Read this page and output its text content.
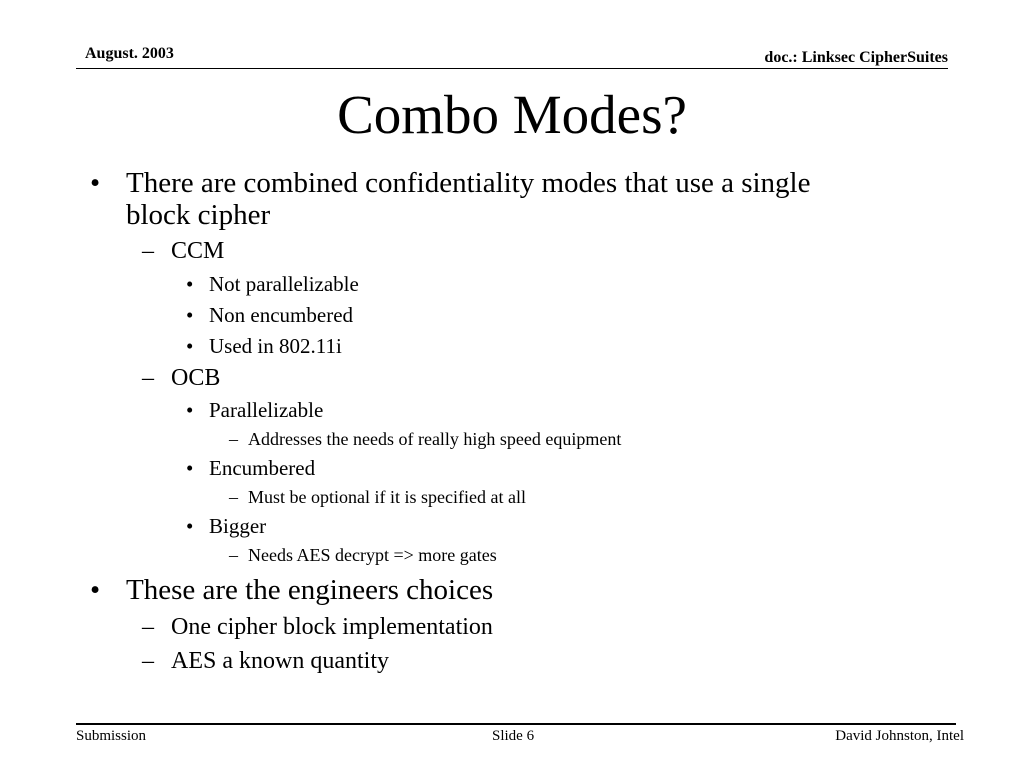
August. 2003	doc.: Linksec CipherSuites
Combo Modes?
• There are combined confidentiality modes that use a single
block cipher
– CCM
• Not parallelizable
• Non encumbered
• Used in 802.11i
– OCB
• Parallelizable
– Addresses the needs of really high speed equipment
• Encumbered
– Must be optional if it is specified at all
• Bigger
– Needs AES decrypt => more gates
• These are the engineers choices
– One cipher block implementation
– AES a known quantity
Submission	Slide 6	David Johnston, Intel
